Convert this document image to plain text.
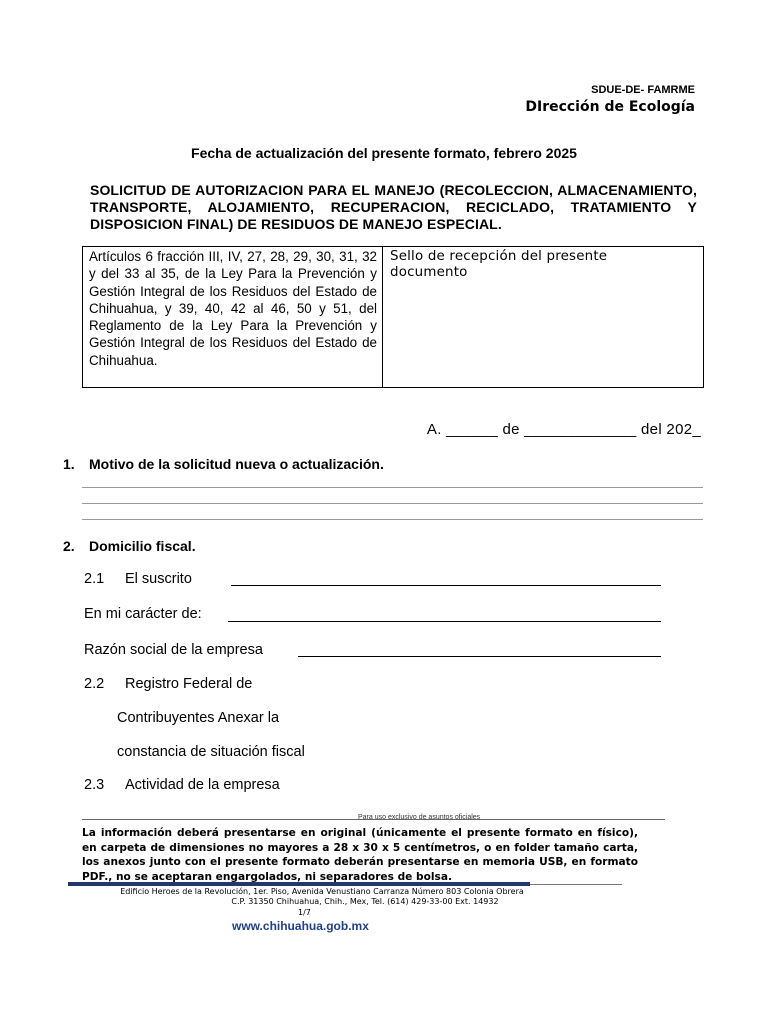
SDUE-DE- FAMRME
DIrección de Ecología
Fecha de actualización del presente formato, febrero 2025
SOLICITUD DE AUTORIZACION PARA EL MANEJO (RECOLECCION, ALMACENAMIENTO, TRANSPORTE, ALOJAMIENTO, RECUPERACION, RECICLADO, TRATAMIENTO Y DISPOSICION FINAL) DE RESIDUOS DE MANEJO ESPECIAL.
Artículos 6 fracción III, IV, 27, 28, 29, 30, 31, 32 y del 33 al 35, de la Ley Para la Prevención y Gestión Integral de los Residuos del Estado de Chihuahua, y 39, 40, 42 al 46, 50 y 51, del Reglamento de la Ley Para la Prevención y Gestión Integral de los Residuos del Estado de Chihuahua.
Sello de recepción del presente documento
A. ______ de _____________ del 202_
1. Motivo de la solicitud nueva o actualización.
2. Domicilio fiscal.
2.1 El suscrito
En mi carácter de:
Razón social de la empresa
2.2 Registro Federal de
Contribuyentes Anexar la
constancia de situación fiscal
2.3 Actividad de la empresa
Para uso exclusivo de asuntos oficiales
La información deberá presentarse en original (únicamente el presente formato en físico), en carpeta de dimensiones no mayores a 28 x 30 x 5 centímetros, o en folder tamaño carta, los anexos junto con el presente formato deberán presentarse en memoria USB, en formato PDF., no se aceptaran engargolados, ni separadores de bolsa.
Edificio Heroes de la Revolución, 1er. Piso, Avenida Venustiano Carranza Número 803 Colonia Obrera
C.P. 31350 Chihuahua, Chih., Mex, Tel. (614) 429-33-00 Ext. 14932
1/7
www.chihuahua.gob.mx
